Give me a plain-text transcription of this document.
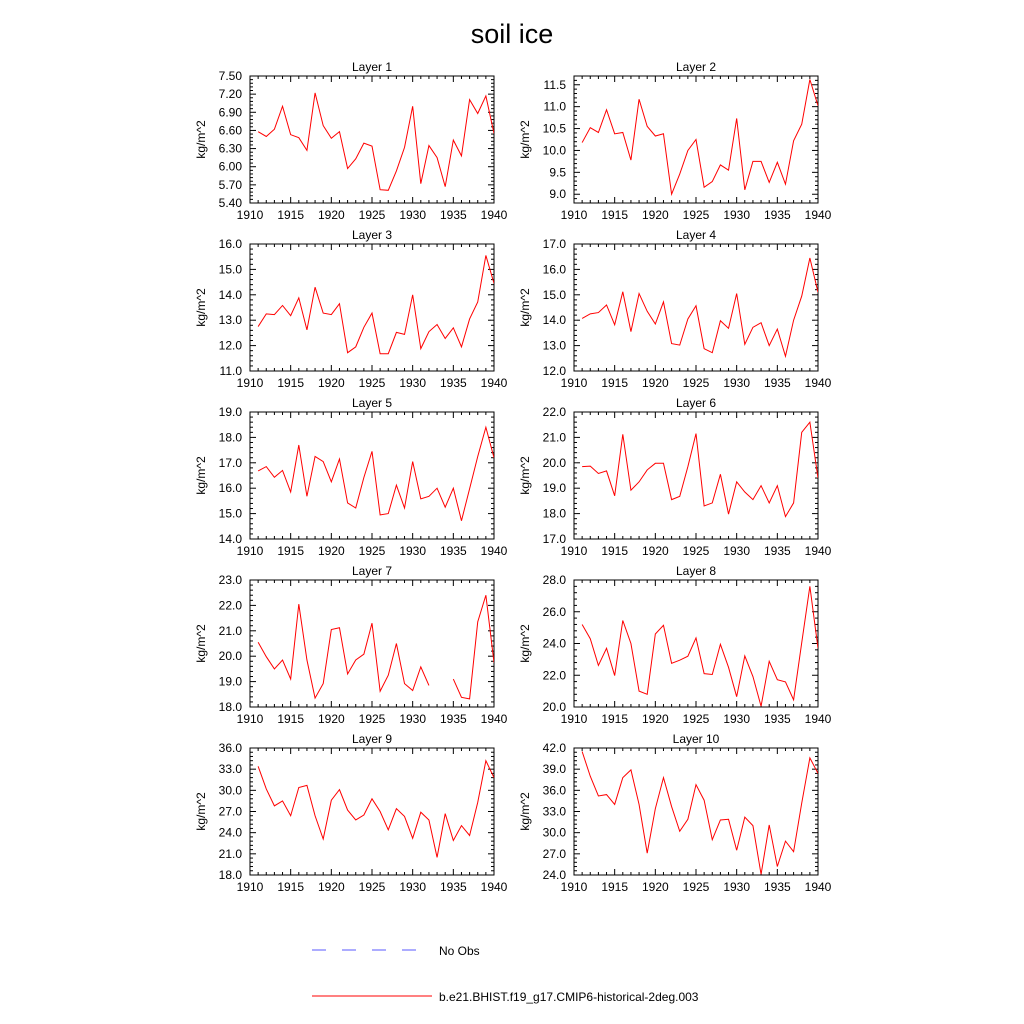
soil ice
Layer 1
1910 1915 1920 1925 1930 1935 1940
5.40
5.70
6.00
6.30
6.60
6.90
7.20
7.50
kg/m^2
Layer 2
1910 1915 1920 1925 1930 1935 1940
9.0
9.5
10.0
10.5
11.0
11.5
kg/m^2
Layer 3
1910 1915 1920 1925 1930 1935 1940
11.0
12.0
13.0
14.0
15.0
16.0
kg/m^2
Layer 4
1910 1915 1920 1925 1930 1935 1940
12.0
13.0
14.0
15.0
16.0
17.0
kg/m^2
Layer 5
1910 1915 1920 1925 1930 1935 1940
14.0
15.0
16.0
17.0
18.0
19.0
kg/m^2
Layer 6
1910 1915 1920 1925 1930 1935 1940
17.0
18.0
19.0
20.0
21.0
22.0
kg/m^2
Layer 7
1910 1915 1920 1925 1930 1935 1940
18.0
19.0
20.0
21.0
22.0
23.0
kg/m^2
Layer 8
1910 1915 1920 1925 1930 1935 1940
20.0
22.0
24.0
26.0
28.0
kg/m^2
Layer 9
1910 1915 1920 1925 1930 1935 1940
18.0
21.0
24.0
27.0
30.0
33.0
36.0
kg/m^2
Layer 10
1910 1915 1920 1925 1930 1935 1940
24.0
27.0
30.0
33.0
36.0
39.0
42.0
kg/m^2
No Obs
b.e21.BHIST.f19_g17.CMIP6-historical-2deg.003
